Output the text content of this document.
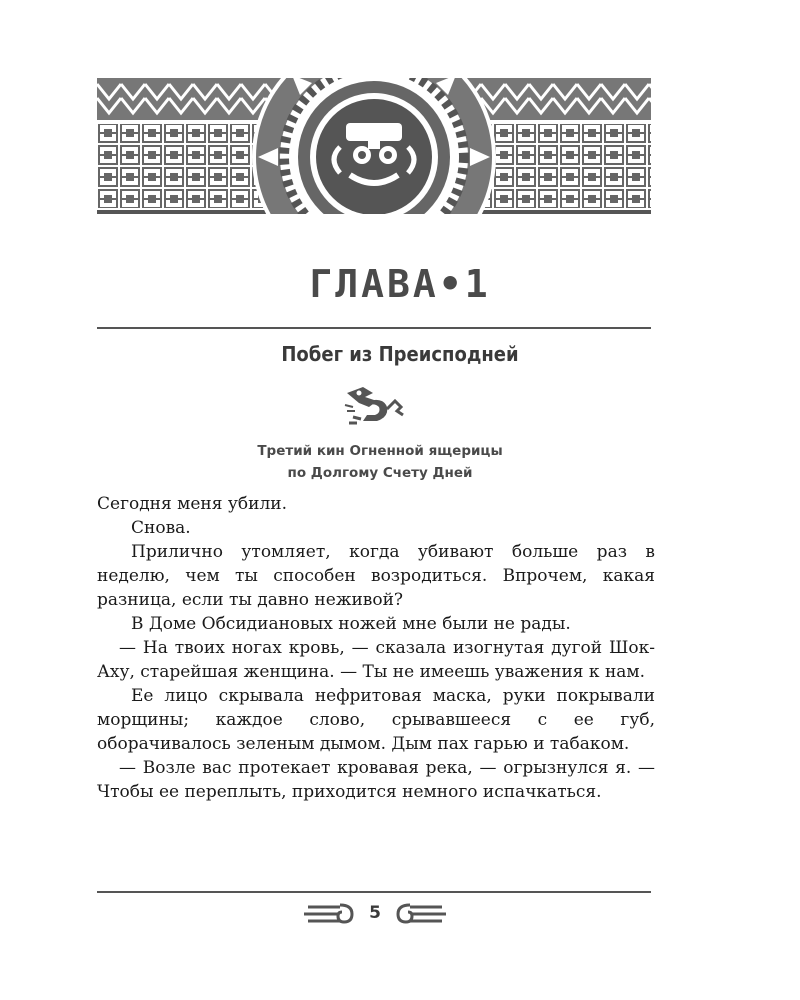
ГЛАВА•1
Побег из Преисподней
Третий кин Огненной ящерицы
по Долгому Счету Дней

Сегодня меня убили.

Снова.

Прилично утомляет, когда убивают больше раз в неделю, чем ты способен возродиться. Впрочем, какая разница, если ты давно неживой?

В Доме Обсидиановых ножей мне были не рады.

— На твоих ногах кровь, — сказала изогнутая дугой Шок-Аху, старейшая женщина. — Ты не имеешь уважения к нам.

Ее лицо скрывала нефритовая маска, руки покрывали морщины; каждое слово, срывавшееся с ее губ, оборачивалось зеленым дымом. Дым пах гарью и табаком.

— Возле вас протекает кровавая река, — огрызнулся я. — Чтобы ее переплыть, приходится немного испачкаться.

5
